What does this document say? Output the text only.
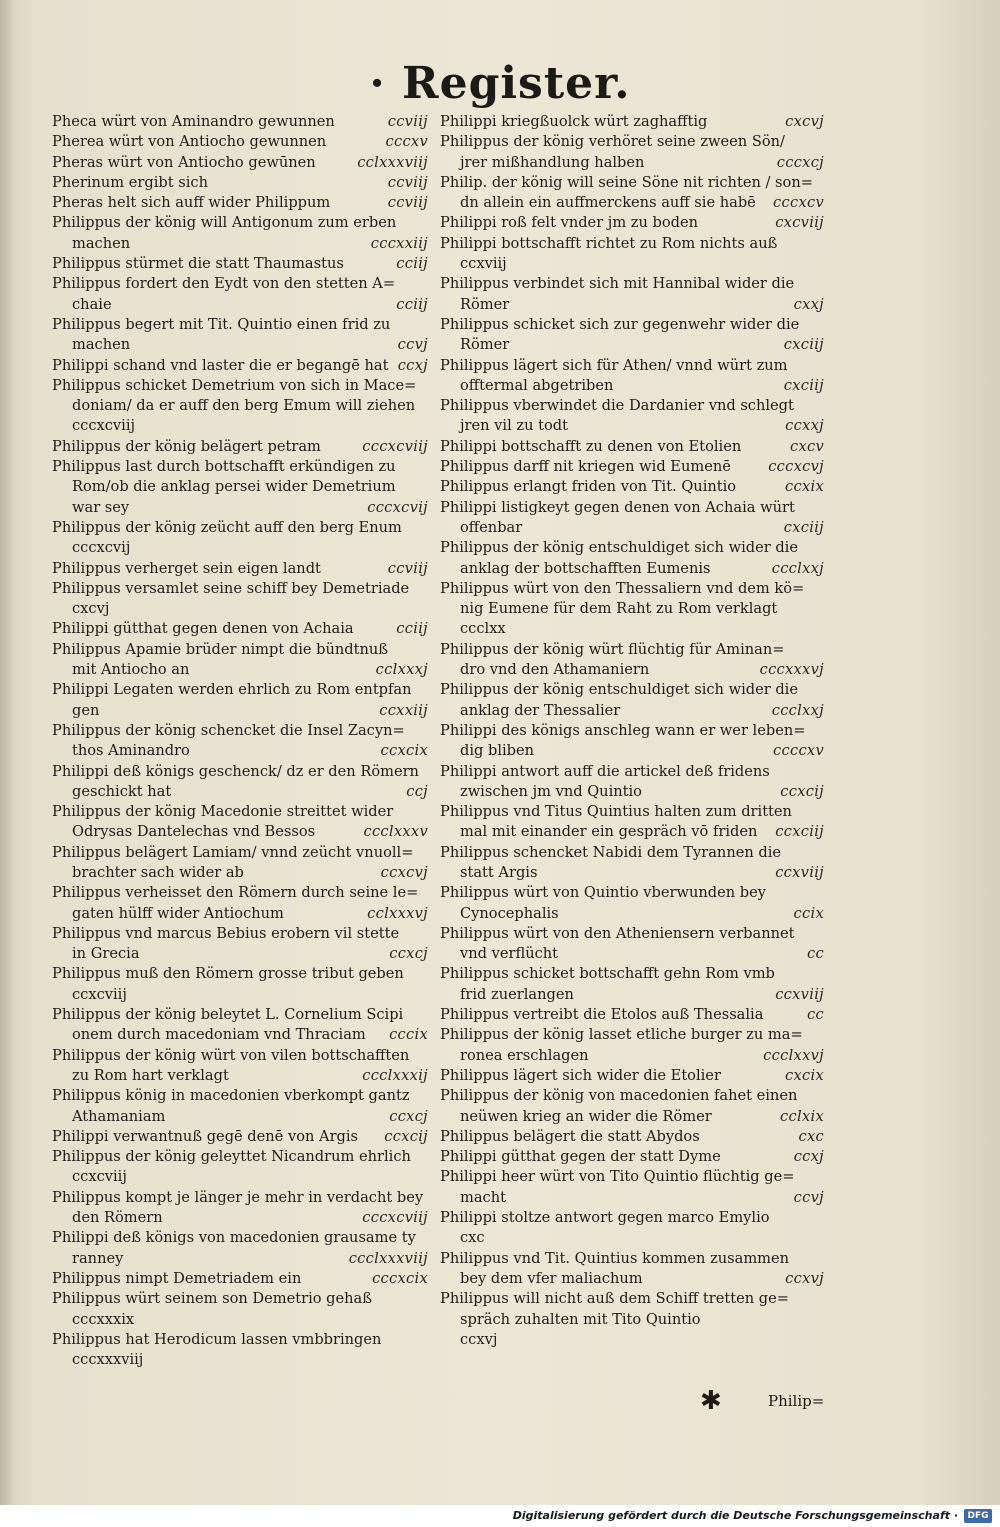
· Register.
Pheca würt von Aminandro gewunnen	ccviij
Pherea würt von Antiocho gewunnen	cccxv
Pheras würt von Antiocho gewūnen	cclxxxviij
Pherinum ergibt sich	ccviij
Pheras helt sich auff wider Philippum	ccviij
Philippus der könig will Antigonum zum erben
machen	cccxxiij
Philippus stürmet die statt Thaumastus	cciij
Philippus fordert den Eydt von den stetten A=
chaie	cciij
Philippus begert mit Tit. Quintio einen frid zu
machen	ccvj
Philippi schand vnd laster die er begangē hat ccxj
Philippus schicket Demetrium von sich in Mace=
doniam/ da er auff den berg Emum will ziehen
cccxcviij
Philippus der könig belägert petram	cccxcviij
Philippus last durch bottschafft erkündigen zu
Rom/ob die anklag persei wider Demetrium
war sey	cccxcvij
Philippus der könig zeücht auff den berg Enum
cccxcvij
Philippus verherget sein eigen landt	ccviij
Philippus versamlet seine schiff bey Demetriade
cxcvj
Philippi gütthat gegen denen von Achaia	cciij
Philippus Apamie brüder nimpt die bündtnuß
mit Antiocho an	cclxxxj
Philippi Legaten werden ehrlich zu Rom entpfan
gen	ccxxiij
Philippus der könig schencket die Insel Zacyn=
thos Aminandro	ccxcix
Philippi deß königs geschenck/ dz er den Römern
geschickt hat	ccj
Philippus der könig Macedonie streittet wider
Odrysas Dantelechas vnd Bessos	ccclxxxv
Philippus belägert Lamiam/ vnnd zeücht vnuoll=
brachter sach wider ab	ccxcvj
Philippus verheisset den Römern durch seine le=
gaten hülff wider Antiochum	cclxxxvj
Philippus vnd marcus Bebius erobern vil stette
in Grecia	ccxcj
Philippus muß den Römern grosse tribut geben
ccxcviij
Philippus der könig beleytet L. Cornelium Scipi
onem durch macedoniam vnd Thraciam cccix
Philippus der könig würt von vilen bottschafften
zu Rom hart verklagt	ccclxxxij
Philippus könig in macedonien vberkompt gantz
Athamaniam	ccxcj
Philippi verwantnuß gegē denē von Argis ccxcij
Philippus der könig geleyttet Nicandrum ehrlich
ccxcviij
Philippus kompt je länger je mehr in verdacht bey
den Römern	cccxcviij
Philippi deß königs von macedonien grausame ty
ranney	ccclxxxviij
Philippus nimpt Demetriadem ein	cccxcix
Philippus würt seinem son Demetrio gehaß
cccxxxix
Philippus hat Herodicum lassen vmbbringen
cccxxxviij
Philippi kriegßuolck würt zaghafftig	cxcvj
Philippus der könig verhöret seine zween Sön/
jrer mißhandlung halben	cccxcj
Philip. der könig will seine Söne nit richten / son=
dn allein ein auffmerckens auff sie habē cccxcv
Philippi roß felt vnder jm zu boden	cxcviij
Philippi bottschafft richtet zu Rom nichts auß
ccxviij
Philippus verbindet sich mit Hannibal wider die
Römer	cxxj
Philippus schicket sich zur gegenwehr wider die
Römer	cxciij
Philippus lägert sich für Athen/ vnnd würt zum
offtermal abgetriben	cxciij
Philippus vberwindet die Dardanier vnd schlegt
jren vil zu todt	ccxxj
Philippi bottschafft zu denen von Etolien	cxcv
Philippus darff nit kriegen wid Eumenē	cccxcvj
Philippus erlangt friden von Tit. Quintio	ccxix
Philippi listigkeyt gegen denen von Achaia würt
offenbar	cxciij
Philippus der könig entschuldiget sich wider die
anklag der bottschafften Eumenis	ccclxxj
Philippus würt von den Thessaliern vnd dem kö=
nig Eumene für dem Raht zu Rom verklagt
ccclxx
Philippus der könig würt flüchtig für Aminan=
dro vnd den Athamaniern	cccxxxvj
Philippus der könig entschuldiget sich wider die
anklag der Thessalier	ccclxxj
Philippi des königs anschleg wann er wer leben=
dig bliben	ccccxv
Philippi antwort auff die artickel deß fridens
zwischen jm vnd Quintio	ccxcij
Philippus vnd Titus Quintius halten zum dritten
mal mit einander ein gespräch vō friden ccxciij
Philippus schencket Nabidi dem Tyrannen die
statt Argis	ccxviij
Philippus würt von Quintio vberwunden bey
Cynocephalis	ccix
Philippus würt von den Atheniensern verbannet
vnd verflücht	cc
Philippus schicket bottschafft gehn Rom vmb
frid zuerlangen	ccxviij
Philippus vertreibt die Etolos auß Thessalia	cc
Philippus der könig lasset etliche burger zu ma=
ronea erschlagen	ccclxxvj
Philippus lägert sich wider die Etolier	cxcix
Philippus der könig von macedonien fahet einen
neüwen krieg an wider die Römer	cclxix
Philippus belägert die statt Abydos	cxc
Philippi gütthat gegen der statt Dyme	ccxj
Philippi heer würt von Tito Quintio flüchtig ge=
macht	ccvj
Philippi stoltze antwort gegen marco Emylio
cxc
Philippus vnd Tit. Quintius kommen zusammen
bey dem vfer maliachum	ccxvj
Philippus will nicht auß dem Schiff tretten ge=
spräch zuhalten mit Tito Quintio
ccxvj
✱	Philip=
Digitalisierung gefördert durch die Deutsche Forschungsgemeinschaft ·	DFG
